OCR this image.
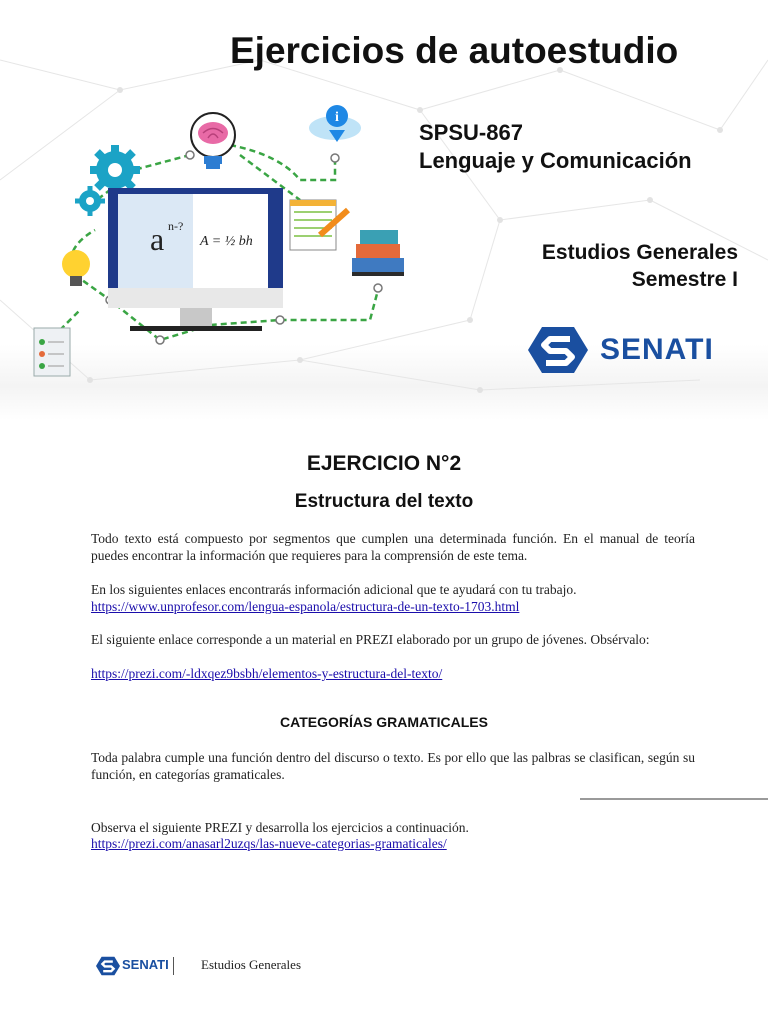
i
a n-?
A = ½ bh
Ejercicios de autoestudio
SPSU-867
Lenguaje y Comunicación
Estudios Generales
Semestre I
SENATI
EJERCICIO N°2
Estructura del texto
Todo texto está compuesto por segmentos que cumplen una determinada función. En el manual de teoría puedes encontrar la información que requieres para la comprensión de este tema.
En los siguientes enlaces encontrarás información adicional que te ayudará con tu trabajo.
https://www.unprofesor.com/lengua-espanola/estructura-de-un-texto-1703.html
El siguiente enlace corresponde a un material en PREZI elaborado por un grupo de jóvenes. Obsérvalo:
https://prezi.com/-ldxqez9bsbh/elementos-y-estructura-del-texto/
CATEGORÍAS GRAMATICALES
Toda palabra cumple una función dentro del discurso o texto. Es por ello que las palbras se clasifican, según su función, en categorías gramaticales.
Observa el siguiente PREZI y desarrolla los ejercicios a continuación.
https://prezi.com/anasarl2uzqs/las-nueve-categorias-gramaticales/
SENATI Estudios Generales
